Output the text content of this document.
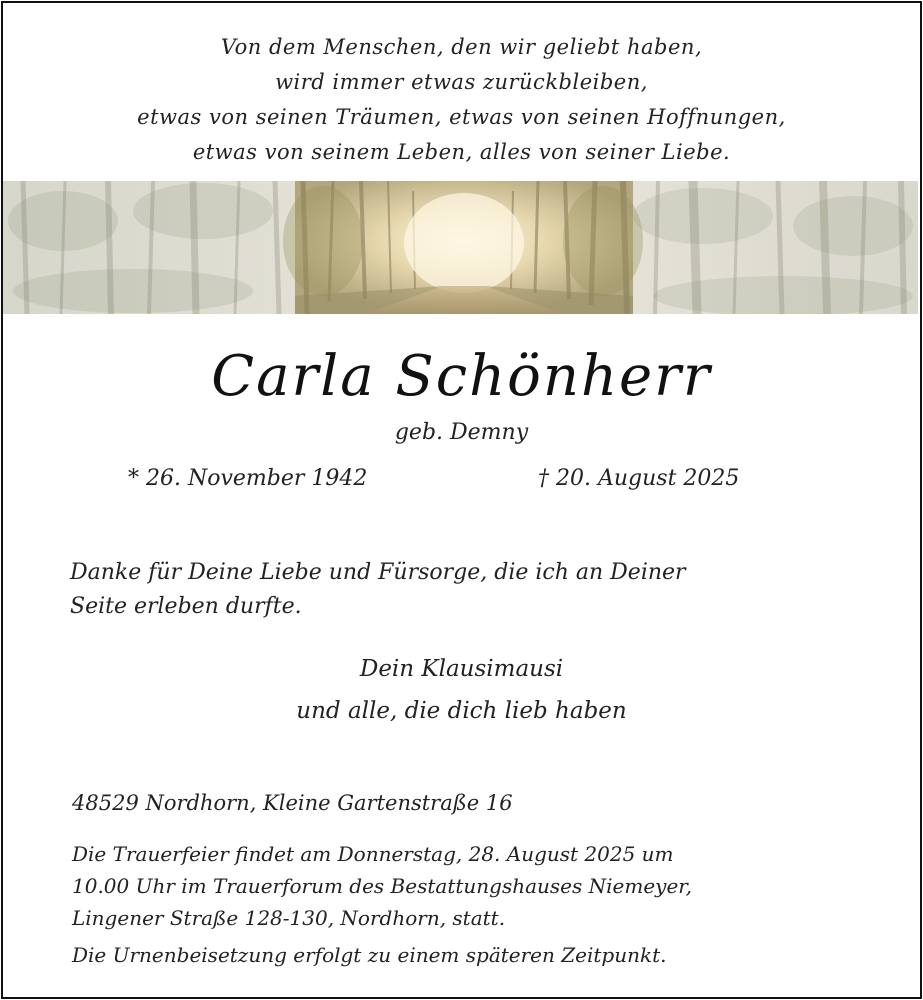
Von dem Menschen, den wir geliebt haben,
wird immer etwas zurückbleiben,
etwas von seinen Träumen, etwas von seinen Hoffnungen,
etwas von seinem Leben, alles von seiner Liebe.
Carla Schönherr
geb. Demny
* 26. November 1942	† 20. August 2025
Danke für Deine Liebe und Fürsorge, die ich an Deiner
Seite erleben durfte.
Dein Klausimausi
und alle, die dich lieb haben
48529 Nordhorn, Kleine Gartenstraße 16
Die Trauerfeier findet am Donnerstag, 28. August 2025 um
10.00 Uhr im Trauerforum des Bestattungshauses Niemeyer,
Lingener Straße 128-130, Nordhorn, statt.
Die Urnenbeisetzung erfolgt zu einem späteren Zeitpunkt.
